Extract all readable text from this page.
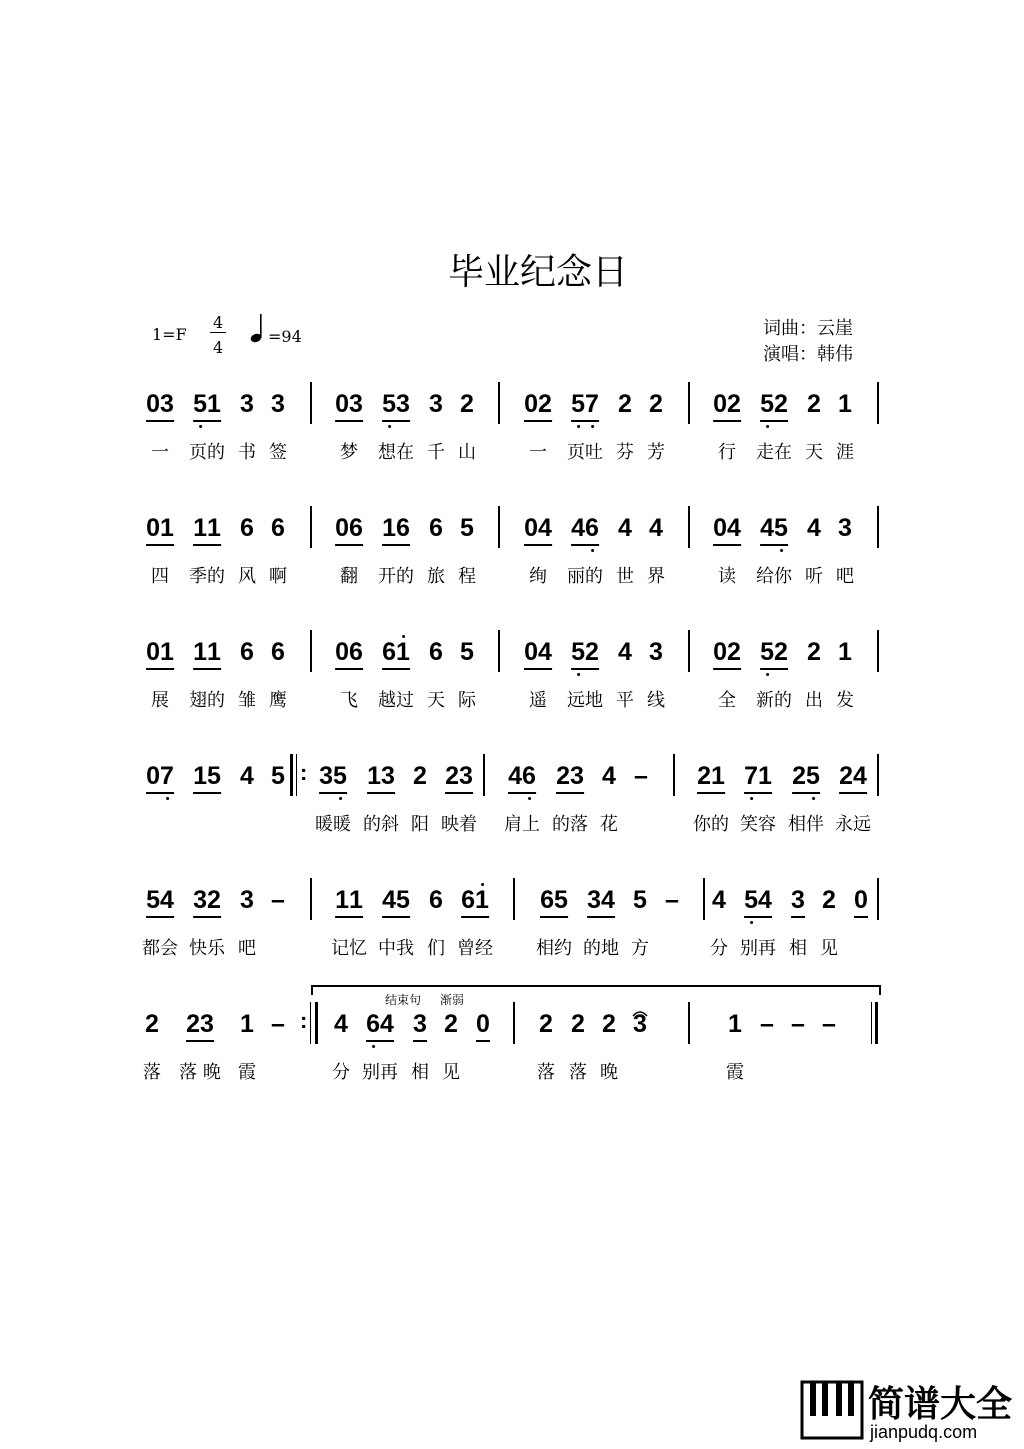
毕业纪念日
1=F
4
4
=94	词曲：云崖
演唱：韩伟
结束句 渐弱
03
一
51
页的
3
书
3
签
03
梦
53
想在
3
千
2
山
02
一
57
页吐
2
芬
2
芳
02
行
52
走在
2
天
1
涯
01
四
11
季的
6
风
6
啊
06
翻
16
开的
6
旅
5
程
04
绚
46
丽的
4
世
4
界
04
读
45
给你
4
听
3
吧
01
展
11
翅的
6
雏
6
鹰
06
飞
61
越过
6
天
5
际
04
遥
52
远地
4
平
3
线
02
全
52
新的
2
出
1
发
07 15 4 5 35
暖暖
13
的斜
2
阳
23
映着
46
肩上
23
的落
4
花
– 21
你的
71
笑容
25
相伴
24
永远
54
都会
32
快乐
3
吧
– 11
记忆
45
中我
6
们
61
曾经
65
相约
34
的地
5
方
– 4
分
54
别再
3
相
2
见
0
2
落
23
落 晚
1
霞
– 4
分
64
别再
3
相
2
见
0 2
落
2
落
2
晚
3	1
霞
– – –
:
:
简谱大全
jianpudq.com
